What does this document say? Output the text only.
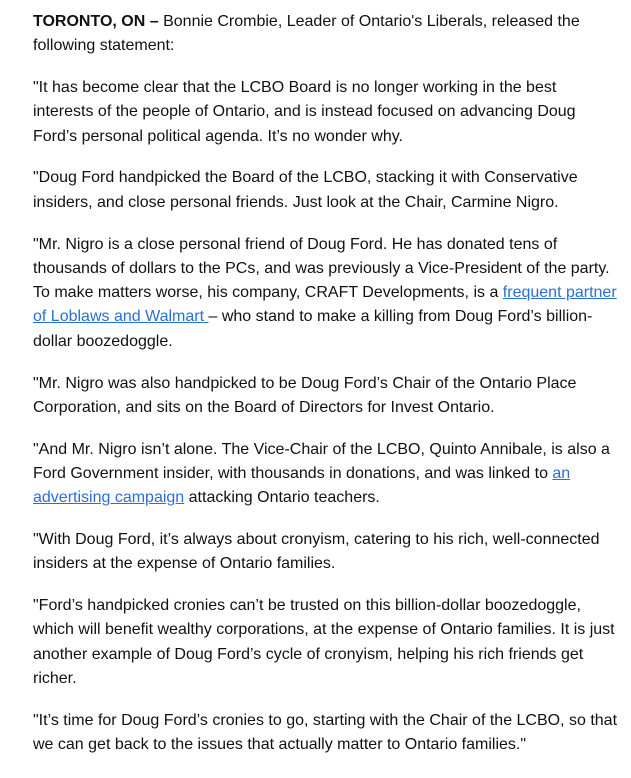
TORONTO, ON – Bonnie Crombie, Leader of Ontario's Liberals, released the following statement:

"It has become clear that the LCBO Board is no longer working in the best interests of the people of Ontario, and is instead focused on advancing Doug Ford’s personal political agenda. It’s no wonder why.

"Doug Ford handpicked the Board of the LCBO, stacking it with Conservative insiders, and close personal friends. Just look at the Chair, Carmine Nigro.

"Mr. Nigro is a close personal friend of Doug Ford. He has donated tens of thousands of dollars to the PCs, and was previously a Vice-President of the party. To make matters worse, his company, CRAFT Developments, is a frequent partner of Loblaws and Walmart – who stand to make a killing from Doug Ford’s billion-dollar boozedoggle.

"Mr. Nigro was also handpicked to be Doug Ford’s Chair of the Ontario Place Corporation, and sits on the Board of Directors for Invest Ontario.

"And Mr. Nigro isn’t alone. The Vice-Chair of the LCBO, Quinto Annibale, is also a Ford Government insider, with thousands in donations, and was linked to an advertising campaign attacking Ontario teachers.

"With Doug Ford, it’s always about cronyism, catering to his rich, well-connected insiders at the expense of Ontario families.

"Ford’s handpicked cronies can’t be trusted on this billion-dollar boozedoggle, which will benefit wealthy corporations, at the expense of Ontario families. It is just another example of Doug Ford’s cycle of cronyism, helping his rich friends get richer.

"It’s time for Doug Ford’s cronies to go, starting with the Chair of the LCBO, so that we can get back to the issues that actually matter to Ontario families."
